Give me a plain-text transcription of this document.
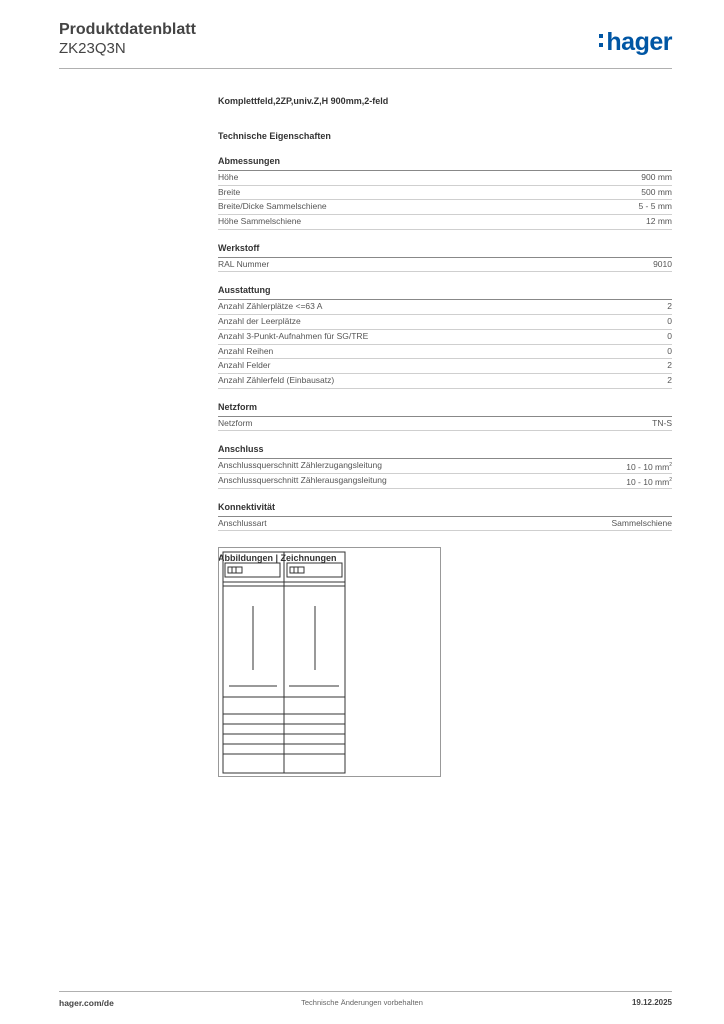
Produktdatenblatt
ZK23Q3N	hager
Komplettfeld,2ZP,univ.Z,H 900mm,2-feld
Technische Eigenschaften
Abmessungen
Höhe	900 mm
Breite	500 mm
Breite/Dicke Sammelschiene	5 - 5 mm
Höhe Sammelschiene	12 mm
Werkstoff
RAL Nummer	9010
Ausstattung
Anzahl Zählerplätze <=63 A	2
Anzahl der Leerplätze	0
Anzahl 3-Punkt-Aufnahmen für SG/TRE	0
Anzahl Reihen	0
Anzahl Felder	2
Anzahl Zählerfeld (Einbausatz)	2
Netzform
Netzform	TN-S
Anschluss
Anschlussquerschnitt Zählerzugangsleitung	10 - 10 $mm^2$
Anschlussquerschnitt Zählerausgangsleitung	10 - 10 $mm^2$
Konnektivität
Anschlussart	Sammelschiene
Abbildungen | Zeichnungen
hager.com/de	Technische Änderungen vorbehalten	19.12.2025
